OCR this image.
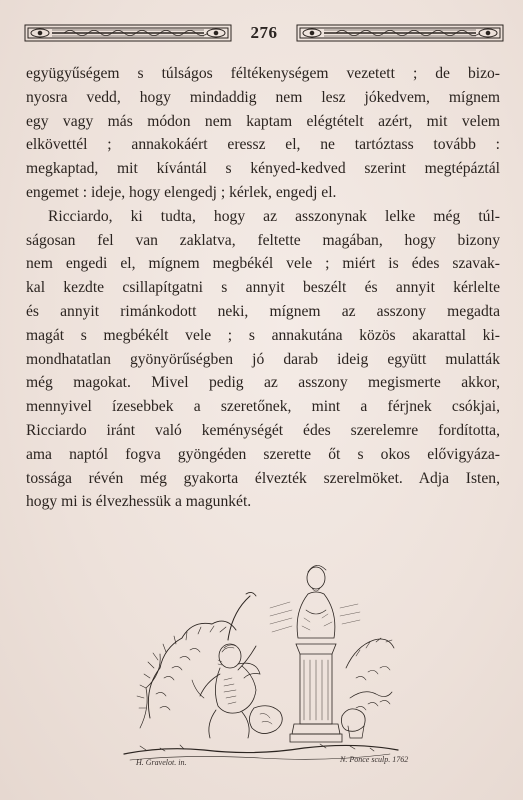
276

együgyűségem s túlságos féltékenységem vezetett ; de bizo-
nyosra vedd, hogy mindaddig nem lesz jókedvem, mígnem
egy vagy más módon nem kaptam elégtételt azért, mit velem
elkövettél ; annakokáért eressz el, ne tartóztass tovább :
megkaptad, mit kívántál s kényed-kedved szerint megtépáztál
engemet : ideje, hogy elengedj ; kérlek, engedj el.

Ricciardo, ki tudta, hogy az asszonynak lelke még túl-
ságosan fel van zaklatva, feltette magában, hogy bizony
nem engedi el, mígnem megbékél vele ; miért is édes szavak-
kal kezdte csillapítgatni s annyit beszélt és annyit kérlelte
és annyit rimánkodott neki, mígnem az asszony megadta
magát s megbékélt vele ; s annakutána közös akarattal ki-
mondhatatlan gyönyörűségben jó darab ideig együtt mulatták
még magokat. Mivel pedig az asszony megismerte akkor,
mennyivel ízesebbek a szeretőnek, mint a férjnek csókjai,
Ricciardo iránt való keménységét édes szerelemre fordította,
ama naptól fogva gyöngéden szerette őt s okos elővigyáza-
tossága révén még gyakorta élvezték szerelmöket. Adja Isten,
hogy mi is élvezhessük a magunkét.

H. Gravelot. in.	N. Ponce sculp. 1762
